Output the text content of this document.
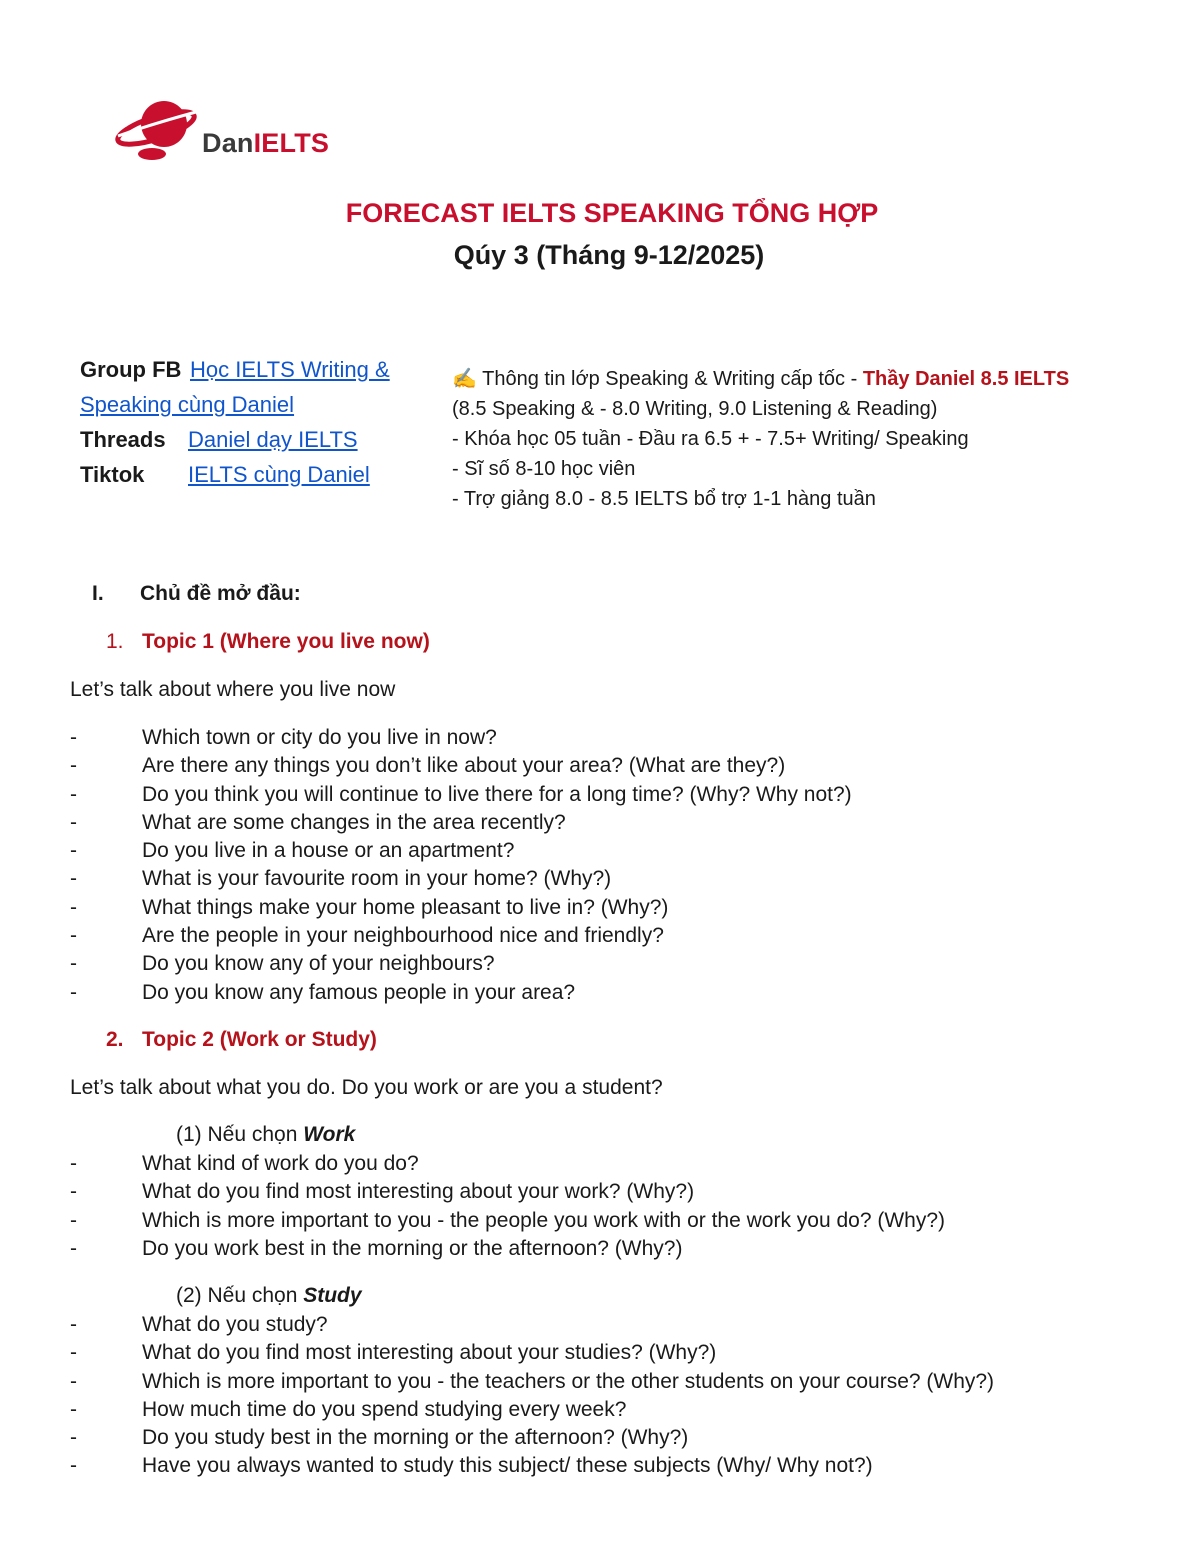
DanIELTS
FORECAST IELTS SPEAKING TỔNG HỢP
Qúy 3 (Tháng 9-12/2025)
Group FB Học IELTS Writing &
Speaking cùng Daniel
Threads Daniel dạy IELTS
Tiktok IELTS cùng Daniel
✍️ Thông tin lớp Speaking & Writing cấp tốc - Thầy Daniel 8.5 IELTS
(8.5 Speaking & - 8.0 Writing, 9.0 Listening & Reading)
- Khóa học 05 tuần - Đầu ra 6.5 + - 7.5+ Writing/ Speaking
- Sĩ số 8-10 học viên
- Trợ giảng 8.0 - 8.5 IELTS bổ trợ 1-1 hàng tuần
I. Chủ đề mở đầu:
1. Topic 1 (Where you live now)
Let’s talk about where you live now
-	Which town or city do you live in now?
-	Are there any things you don’t like about your area? (What are they?)
-	Do you think you will continue to live there for a long time? (Why? Why not?)
-	What are some changes in the area recently?
-	Do you live in a house or an apartment?
-	What is your favourite room in your home? (Why?)
-	What things make your home pleasant to live in? (Why?)
-	Are the people in your neighbourhood nice and friendly?
-	Do you know any of your neighbours?
-	Do you know any famous people in your area?
2. Topic 2 (Work or Study)
Let’s talk about what you do. Do you work or are you a student?
(1) Nếu chọn Work
-	What kind of work do you do?
-	What do you find most interesting about your work? (Why?)
-	Which is more important to you - the people you work with or the work you do? (Why?)
-	Do you work best in the morning or the afternoon? (Why?)
(2) Nếu chọn Study
-	What do you study?
-	What do you find most interesting about your studies? (Why?)
-	Which is more important to you - the teachers or the other students on your course? (Why?)
-	How much time do you spend studying every week?
-	Do you study best in the morning or the afternoon? (Why?)
-	Have you always wanted to study this subject/ these subjects (Why/ Why not?)
